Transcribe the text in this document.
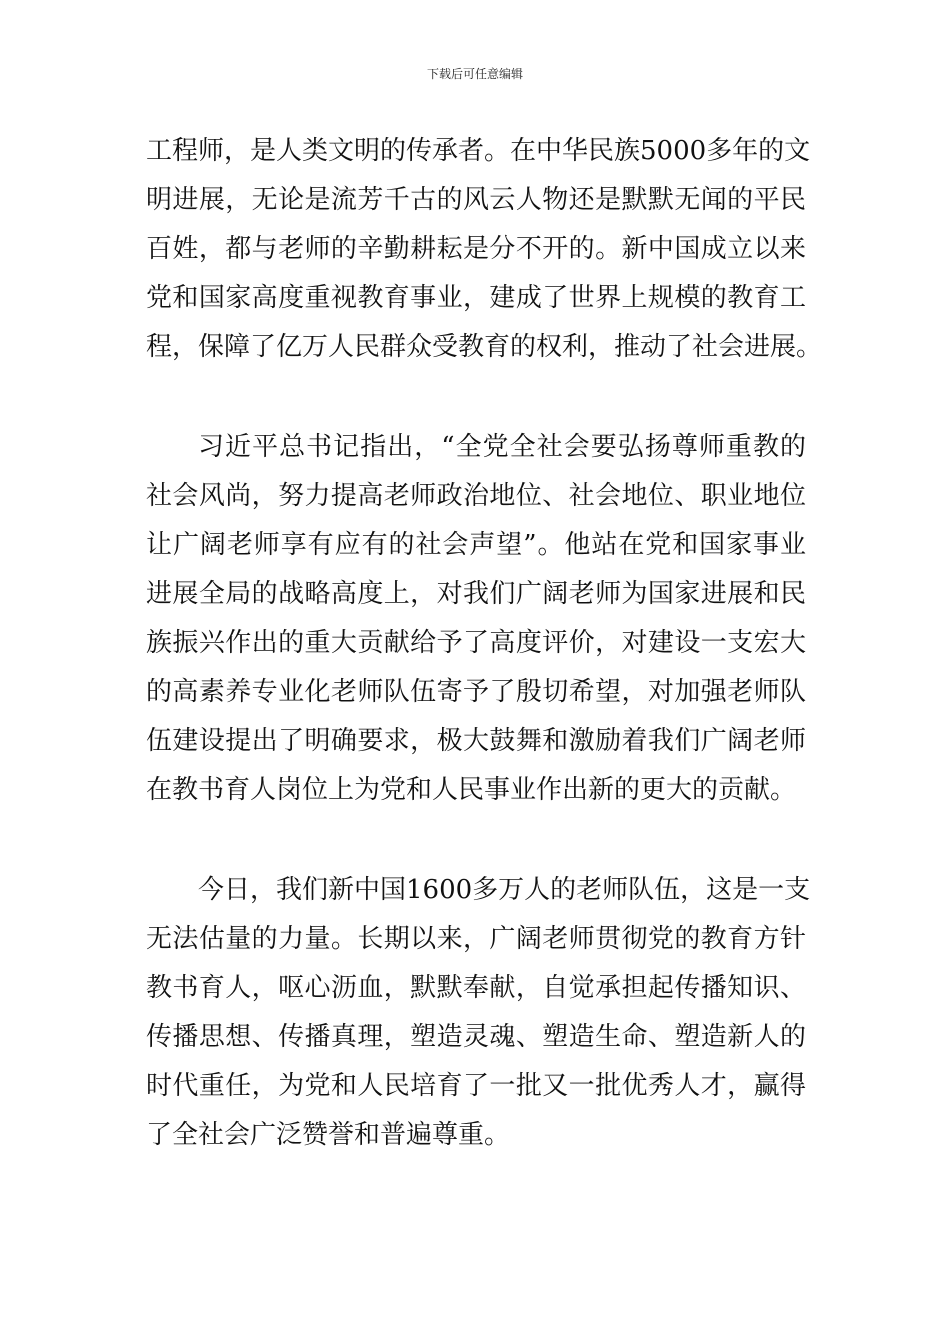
下载后可任意编辑
工程师，是人类文明的传承者。在中华民族5000多年的文
明进展，无论是流芳千古的风云人物还是默默无闻的平民
百姓，都与老师的辛勤耕耘是分不开的。新中国成立以来
党和国家高度重视教育事业，建成了世界上规模的教育工
程，保障了亿万人民群众受教育的权利，推动了社会进展。
习近平总书记指出，“全党全社会要弘扬尊师重教的
社会风尚，努力提高老师政治地位、社会地位、职业地位
让广阔老师享有应有的社会声望”。他站在党和国家事业
进展全局的战略高度上，对我们广阔老师为国家进展和民
族振兴作出的重大贡献给予了高度评价，对建设一支宏大
的高素养专业化老师队伍寄予了殷切希望，对加强老师队
伍建设提出了明确要求，极大鼓舞和激励着我们广阔老师
在教书育人岗位上为党和人民事业作出新的更大的贡献。
今日，我们新中国1600多万人的老师队伍，这是一支
无法估量的力量。长期以来，广阔老师贯彻党的教育方针
教书育人，呕心沥血，默默奉献，自觉承担起传播知识、
传播思想、传播真理，塑造灵魂、塑造生命、塑造新人的
时代重任，为党和人民培育了一批又一批优秀人才，赢得
了全社会广泛赞誉和普遍尊重。
